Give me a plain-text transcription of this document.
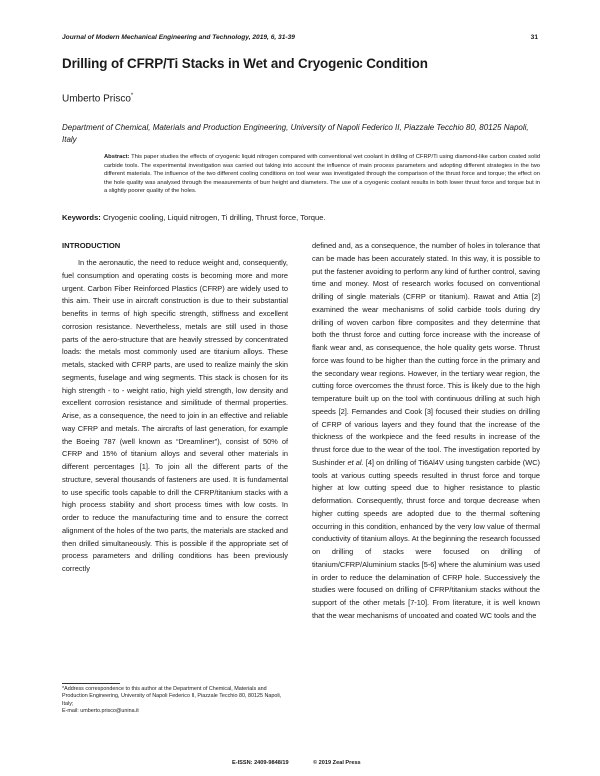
Journal of Modern Mechanical Engineering and Technology, 2019, 6, 31-39	31
Drilling of CFRP/Ti Stacks in Wet and Cryogenic Condition
Umberto Prisco*
Department of Chemical, Materials and Production Engineering, University of Napoli Federico II, Piazzale Tecchio 80, 80125 Napoli, Italy
Abstract: This paper studies the effects of cryogenic liquid nitrogen compared with conventional wet coolant in drilling of CFRP/Ti using diamond-like carbon coated solid carbide tools. The experimental investigation was carried out taking into account the influence of main process parameters and adopting different strategies in the two different materials. The influence of the two different cooling conditions on tool wear was investigated through the comparison of the thrust force and torque; the effect on the hole quality was analysed through the measurements of burr height and diameters. The use of a cryogenic coolant results in both lower thrust force and torque but in a slightly poorer quality of the holes.
Keywords: Cryogenic cooling, Liquid nitrogen, Ti drilling, Thrust force, Torque.
INTRODUCTION
In the aeronautic, the need to reduce weight and, consequently, fuel consumption and operating costs is becoming more and more urgent. Carbon Fiber Reinforced Plastics (CFRP) are widely used to this aim. Their use in aircraft construction is due to their substantial benefits in terms of high specific strength, stiffness and excellent corrosion resistance. Nevertheless, metals are still used in those parts of the aero-structure that are heavily stressed by concentrated loads: the metals most commonly used are titanium alloys. These metals, stacked with CFRP parts, are used to realize mainly the skin segments, fuselage and wing segments. This stack is chosen for its high strength - to - weight ratio, high yield strength, low density and excellent corrosion resistance and similitude of thermal properties. Arise, as a consequence, the need to join in an effective and reliable way CFRP and metals. The aircrafts of last generation, for example the Boeing 787 (well known as “Dreamliner”), consist of 50% of CFRP and 15% of titanium alloys and several other materials in different percentages [1]. To join all the different parts of the structure, several thousands of fasteners are used. It is fundamental to use specific tools capable to drill the CFRP/titanium stacks with a high process stability and short process times with low costs. In order to reduce the manufacturing time and to ensure the correct alignment of the holes of the two parts, the materials are stacked and then drilled simultaneously. This is possible if the appropriate set of process parameters and drilling conditions has been previously correctly
defined and, as a consequence, the number of holes in tolerance that can be made has been accurately stated. In this way, it is possible to put the fastener avoiding to perform any kind of further control, saving time and money. Most of research works focused on conventional drilling of single materials (CFRP or titanium). Rawat and Attia [2] examined the wear mechanisms of solid carbide tools during dry drilling of woven carbon fibre composites and they determine that both the thrust force and cutting force increase with the increase of flank wear and, as consequence, the hole quality gets worse. Thrust force was found to be higher than the cutting force in the primary and the secondary wear regions. However, in the tertiary wear region, the cutting force overcomes the thrust force. This is likely due to the high temperature built up on the tool with continuous drilling at such high speeds [2]. Fernandes and Cook [3] focused their studies on drilling of CFRP of various layers and they found that the increase of the thickness of the workpiece and the feed results in increase of the thrust force due to the wear of the tool. The investigation reported by Sushinder et al. [4] on drilling of Ti6Al4V using tungsten carbide (WC) tools at various cutting speeds resulted in thrust force and torque higher at low cutting speed due to higher resistance to plastic deformation. Consequently, thrust force and torque decrease when higher cutting speeds are adopted due to the thermal softening occurring in this condition, enhanced by the very low value of thermal conductivity of titanium alloys. At the beginning the research focussed on drilling of stacks were focused on drilling of titanium/CFRP/Aluminium stacks [5-6] where the aluminium was used in order to reduce the delamination of CFRP hole. Successively the studies were focused on drilling of CFRP/titanium stacks without the support of the other metals [7-10]. From literature, it is well known that the wear mechanisms of uncoated and coated WC tools and the
*Address correspondence to this author at the Department of Chemical, Materials and Production Engineering, University of Napoli Federico II, Piazzale Tecchio 80, 80125 Napoli, Italy;
E-mail: umberto.prisco@unina.it
E-ISSN: 2409-9848/19	© 2019 Zeal Press
